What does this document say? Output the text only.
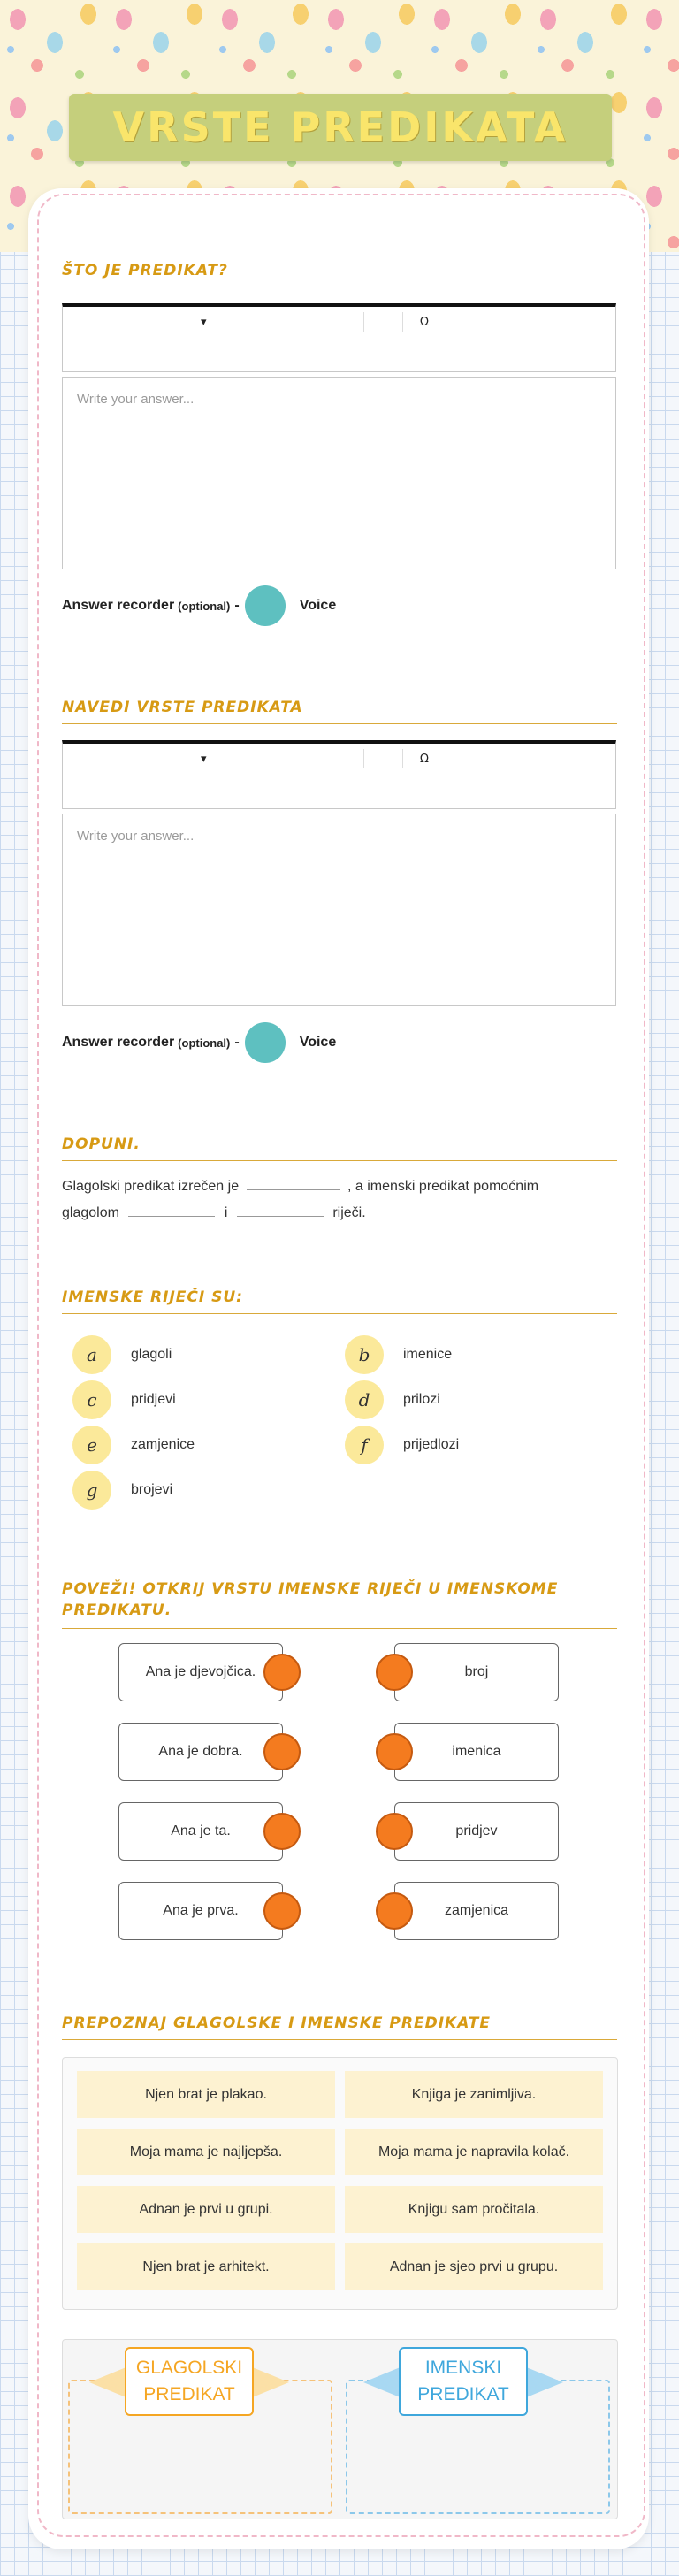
VRSTE PREDIKATA
ŠTO JE PREDIKAT?
▾	Ω
Write your answer...
Answer recorder (optional) -	Voice
NAVEDI VRSTE PREDIKATA
▾	Ω
Write your answer...
Answer recorder (optional) -	Voice
DOPUNI.
Glagolski predikat izrečen je	, a imenski predikat pomoćnim
glagolom	i	riječi.
IMENSKE RIJEČI SU:
a	glagoli	b	imenice
c	pridjevi	d	prilozi
e	zamjenice	f	prijedlozi
g	brojevi
POVEŽI! OTKRIJ VRSTU IMENSKE RIJEČI U IMENSKOME PREDIKATU.
Ana je djevojčica.	broj
Ana je dobra.	imenica
Ana je ta.	pridjev
Ana je prva.	zamjenica
PREPOZNAJ GLAGOLSKE I IMENSKE PREDIKATE
Njen brat je plakao.	Knjiga je zanimljiva.
Moja mama je najljepša.	Moja mama je napravila kolač.
Adnan je prvi u grupi.	Knjigu sam pročitala.
Njen brat je arhitekt.	Adnan je sjeo prvi u grupu.
GLAGOLSKI
PREDIKAT
IMENSKI
PREDIKAT
